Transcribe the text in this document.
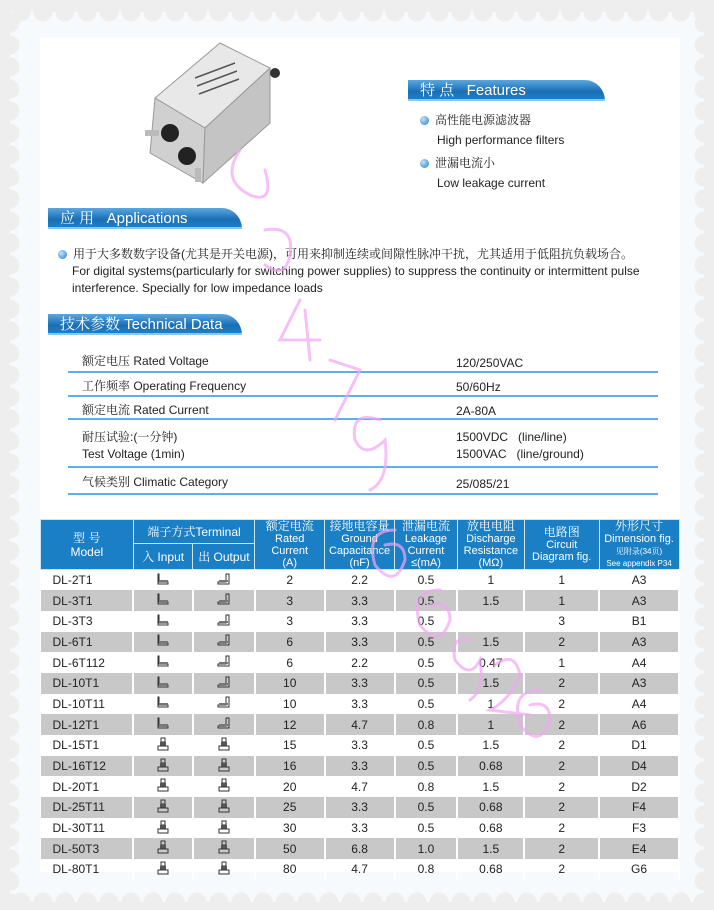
特 点   Features
高性能电源滤波器
High performance filters
泄漏电流小
Low leakage current
应 用   Applications
用于大多数数字设备(尤其是开关电源)，可用来抑制连续或间隙性脉冲干扰，尤其适用于低阻抗负载场合。
For digital systems(particularly for switching power supplies) to suppress the continuity or intermittent pulse
interference. Specially for low impedance loads
技术参数 Technical Data
额定电压 Rated Voltage	120/250VAC
工作频率 Operating Frequency	50/60Hz
额定电流 Rated Current	2A-80A
耐压试验:(一分钟)
Test Voltage (1min)
1500VDC   (line/line)
1500VAC   (line/ground)
气候类别 Climatic Category	25/085/21
型 号
Model	端子方式Terminal		额定电流
Rated
Current
(A)	接地电容量
Ground
Capacitance
(nF)	泄漏电流
Leakage
Current
≤(mA)	放电电阻
Discharge
Resistance
(MΩ)	电路图
Circuit
Diagram fig.	外形尺寸
Dimension fig.
见附录(34页)
See appendix P34
	入 Input	出 Output						
DL-2T1			2	2.2	0.5	1	1	A3
DL-3T1			3	3.3	0.5	1.5	1	A3
DL-3T3			3	3.3	0.5		3	B1
DL-6T1			6	3.3	0.5	1.5	2	A3
DL-6T112			6	2.2	0.5	0.47	1	A4
DL-10T1			10	3.3	0.5	1.5	2	A3
DL-10T11			10	3.3	0.5	1	2	A4
DL-12T1			12	4.7	0.8	1	2	A6
DL-15T1			15	3.3	0.5	1.5	2	D1
DL-16T12			16	3.3	0.5	0.68	2	D4
DL-20T1			20	4.7	0.8	1.5	2	D2
DL-25T11			25	3.3	0.5	0.68	2	F4
DL-30T11			30	3.3	0.5	0.68	2	F3
DL-50T3			50	6.8	1.0	1.5	2	E4
DL-80T1			80	4.7	0.8	0.68	2	G6
